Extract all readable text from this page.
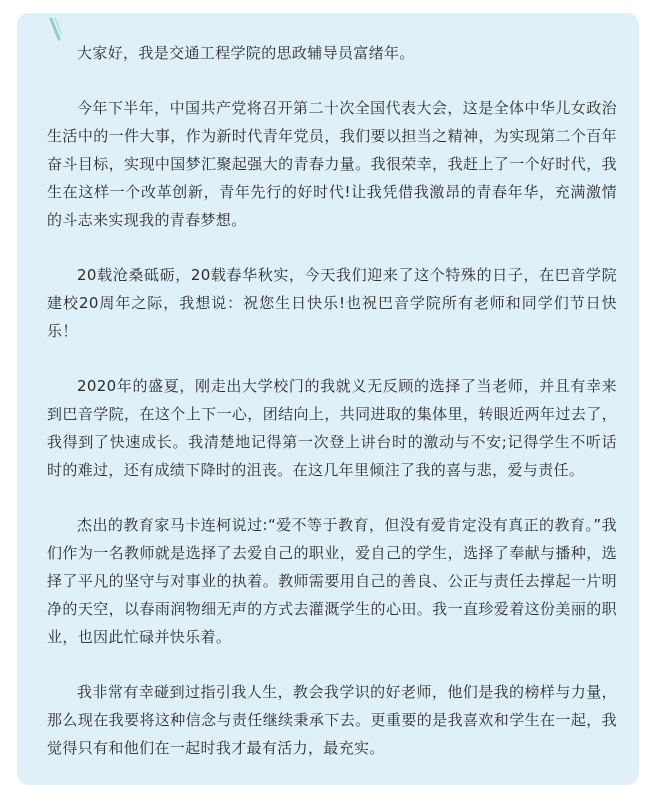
大家好，我是交通工程学院的思政辅导员富绪年。

今年下半年，中国共产党将召开第二十次全国代表大会，这是全体中华儿女政治生活中的一件大事，作为新时代青年党员，我们要以担当之精神，为实现第二个百年奋斗目标，实现中国梦汇聚起强大的青春力量。我很荣幸，我赶上了一个好时代，我生在这样一个改革创新，青年先行的好时代!让我凭借我激昂的青春年华，充满激情的斗志来实现我的青春梦想。

20载沧桑砥砺，20载春华秋实，今天我们迎来了这个特殊的日子，在巴音学院建校20周年之际，我想说：祝您生日快乐!也祝巴音学院所有老师和同学们节日快乐！

2020年的盛夏，刚走出大学校门的我就义无反顾的选择了当老师，并且有幸来到巴音学院，在这个上下一心，团结向上，共同进取的集体里，转眼近两年过去了，我得到了快速成长。我清楚地记得第一次登上讲台时的激动与不安;记得学生不听话时的难过，还有成绩下降时的沮丧。在这几年里倾注了我的喜与悲，爱与责任。

杰出的教育家马卡连柯说过:“爱不等于教育，但没有爱肯定没有真正的教育。”我们作为一名教师就是选择了去爱自己的职业，爱自己的学生，选择了奉献与播种，选择了平凡的坚守与对事业的执着。教师需要用自己的善良、公正与责任去撑起一片明净的天空，以春雨润物细无声的方式去灌溉学生的心田。我一直珍爱着这份美丽的职业，也因此忙碌并快乐着。

我非常有幸碰到过指引我人生，教会我学识的好老师，他们是我的榜样与力量，那么现在我要将这种信念与责任继续秉承下去。更重要的是我喜欢和学生在一起，我觉得只有和他们在一起时我才最有活力，最充实。
